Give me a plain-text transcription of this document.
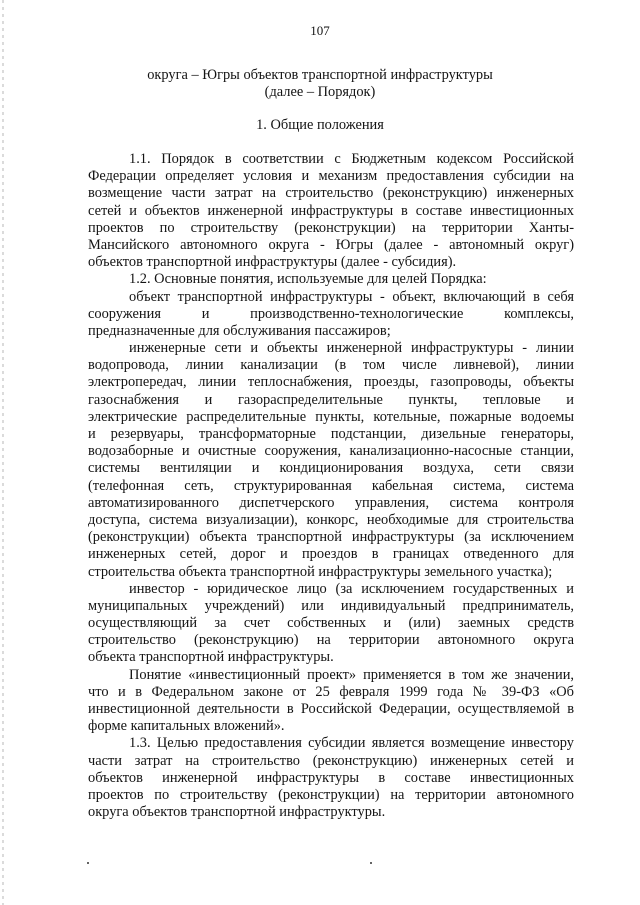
107
округа – Югры объектов транспортной инфраструктуры
(далее – Порядок)
1. Общие положения
1.1. Порядок в соответствии с Бюджетным кодексом Российской
Федерации определяет условия и механизм предоставления субсидии на
возмещение части затрат на строительство (реконструкцию) инженерных
сетей и объектов инженерной инфраструктуры в составе инвестиционных
проектов по строительству (реконструкции) на территории Ханты-
Мансийского автономного округа - Югры (далее - автономный округ)
объектов транспортной инфраструктуры (далее - субсидия).
1.2. Основные понятия, используемые для целей Порядка:
объект транспортной инфраструктуры - объект, включающий в себя
сооружения и производственно-технологические комплексы,
предназначенные для обслуживания пассажиров;
инженерные сети и объекты инженерной инфраструктуры - линии
водопровода, линии канализации (в том числе ливневой), линии
электропередач, линии теплоснабжения, проезды, газопроводы, объекты
газоснабжения и газораспределительные пункты, тепловые и
электрические распределительные пункты, котельные, пожарные водоемы
и резервуары, трансформаторные подстанции, дизельные генераторы,
водозаборные и очистные сооружения, канализационно-насосные станции,
системы вентиляции и кондиционирования воздуха, сети связи
(телефонная сеть, структурированная кабельная система, система
автоматизированного диспетчерского управления, система контроля
доступа, система визуализации), конкорс, необходимые для строительства
(реконструкции) объекта транспортной инфраструктуры (за исключением
инженерных сетей, дорог и проездов в границах отведенного для
строительства объекта транспортной инфраструктуры земельного участка);
инвестор - юридическое лицо (за исключением государственных и
муниципальных учреждений) или индивидуальный предприниматель,
осуществляющий за счет собственных и (или) заемных средств
строительство (реконструкцию) на территории автономного округа
объекта транспортной инфраструктуры.
Понятие «инвестиционный проект» применяется в том же значении,
что и в Федеральном законе от 25 февраля 1999 года № 39-ФЗ «Об
инвестиционной деятельности в Российской Федерации, осуществляемой в
форме капитальных вложений».
1.3. Целью предоставления субсидии является возмещение инвестору
части затрат на строительство (реконструкцию) инженерных сетей и
объектов инженерной инфраструктуры в составе инвестиционных
проектов по строительству (реконструкции) на территории автономного
округа объектов транспортной инфраструктуры.
